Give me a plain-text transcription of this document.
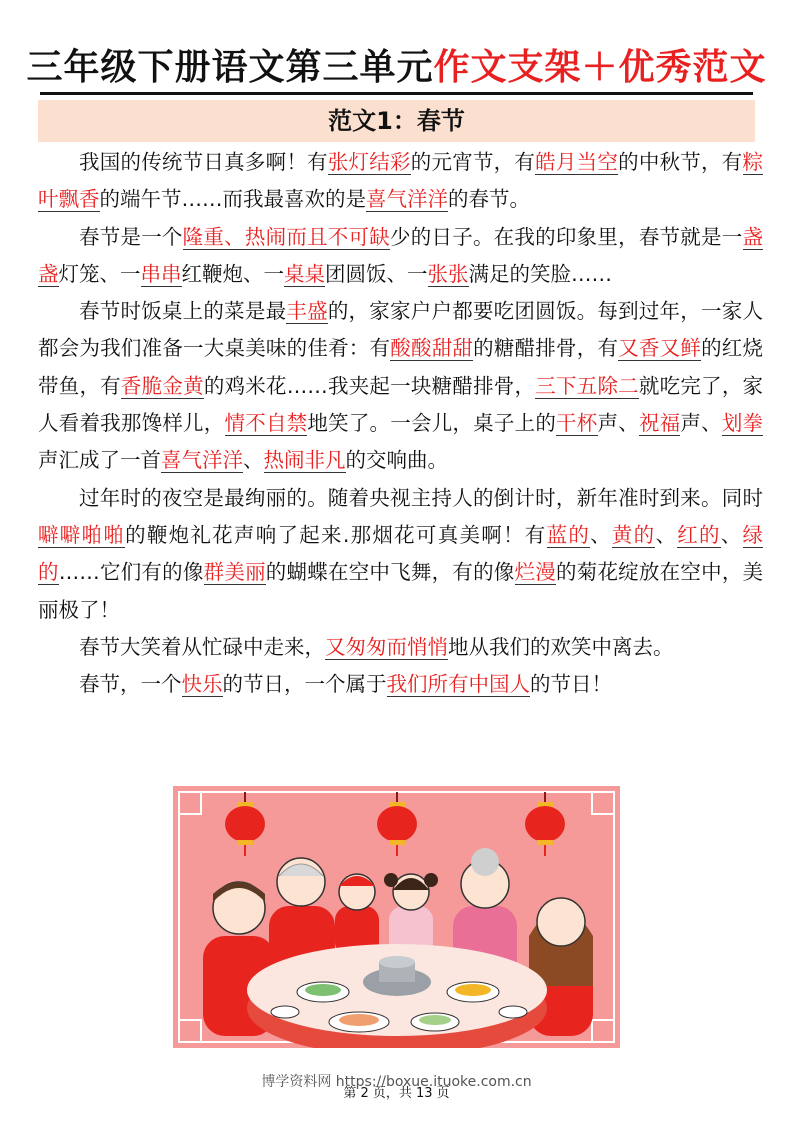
三年级下册语文第三单元作文支架＋优秀范文
范文1：春节

我国的传统节日真多啊！有张灯结彩的元宵节，有皓月当空的中秋节，有粽叶飘香的端午节……而我最喜欢的是喜气洋洋的春节。

春节是一个隆重、热闹而且不可缺少的日子。在我的印象里，春节就是一盏盏灯笼、一串串红鞭炮、一桌桌团圆饭、一张张满足的笑脸……

春节时饭桌上的菜是最丰盛的，家家户户都要吃团圆饭。每到过年，一家人都会为我们准备一大桌美味的佳肴：有酸酸甜甜的糖醋排骨，有又香又鲜的红烧带鱼，有香脆金黄的鸡米花……我夹起一块糖醋排骨，三下五除二就吃完了，家人看着我那馋样儿，情不自禁地笑了。一会儿，桌子上的干杯声、祝福声、划拳声汇成了一首喜气洋洋、热闹非凡的交响曲。

过年时的夜空是最绚丽的。随着央视主持人的倒计时，新年准时到来。同时噼噼啪啪的鞭炮礼花声响了起来.那烟花可真美啊！有蓝的、黄的、红的、绿的……它们有的像群美丽的蝴蝶在空中飞舞，有的像烂漫的菊花绽放在空中，美丽极了！

春节大笑着从忙碌中走来，又匆匆而悄悄地从我们的欢笑中离去。

春节，一个快乐的节日，一个属于我们所有中国人的节日！

博学资料网 https://boxue.ituoke.com.cn
第 2 页，共 13 页
